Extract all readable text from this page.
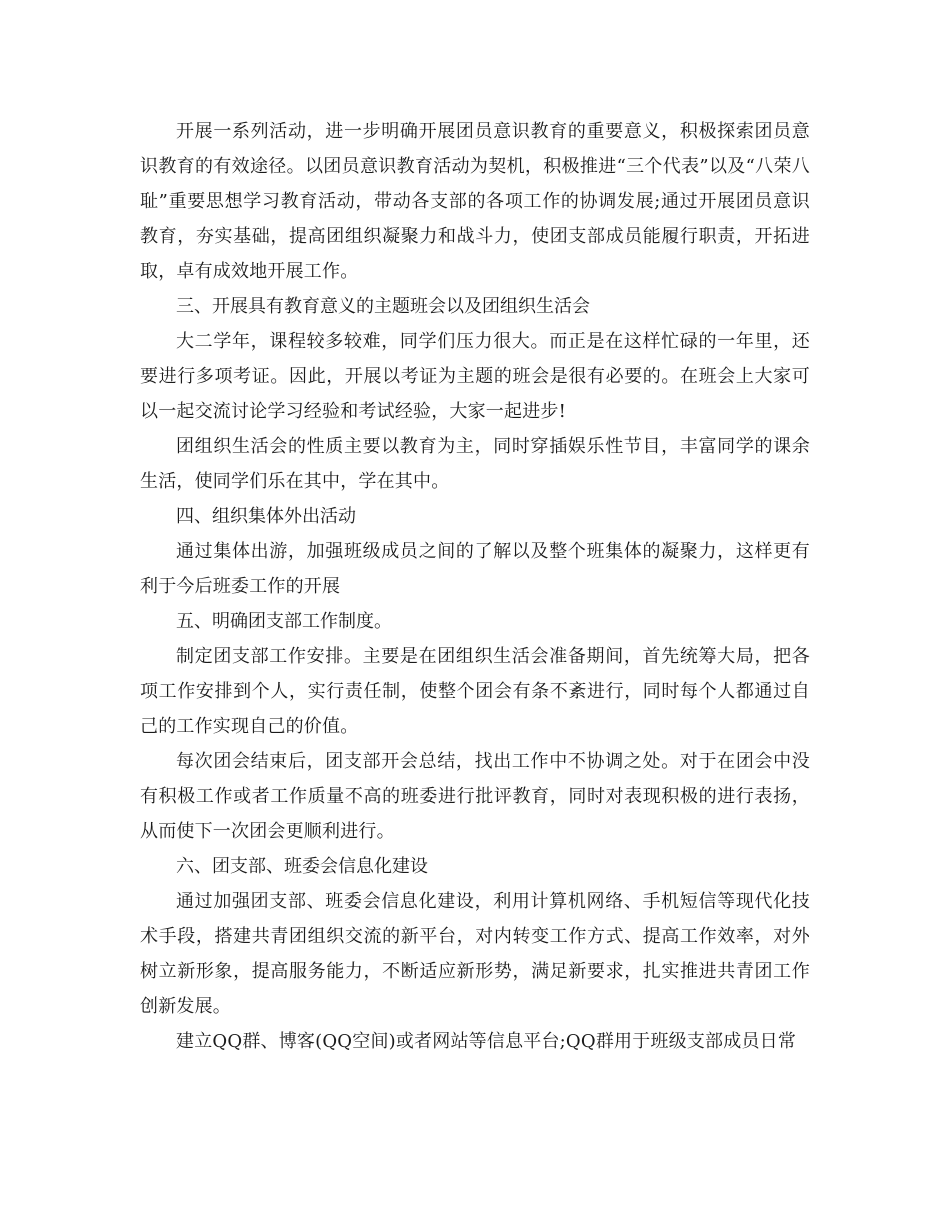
开展一系列活动，进一步明确开展团员意识教育的重要意义，积极探索团员意识教育的有效途径。以团员意识教育活动为契机，积极推进“三个代表”以及“八荣八耻”重要思想学习教育活动，带动各支部的各项工作的协调发展;通过开展团员意识教育，夯实基础，提高团组织凝聚力和战斗力，使团支部成员能履行职责，开拓进取，卓有成效地开展工作。

三、开展具有教育意义的主题班会以及团组织生活会

大二学年，课程较多较难，同学们压力很大。而正是在这样忙碌的一年里，还要进行多项考证。因此，开展以考证为主题的班会是很有必要的。在班会上大家可以一起交流讨论学习经验和考试经验，大家一起进步!

团组织生活会的性质主要以教育为主，同时穿插娱乐性节目，丰富同学的课余生活，使同学们乐在其中，学在其中。

四、组织集体外出活动

通过集体出游，加强班级成员之间的了解以及整个班集体的凝聚力，这样更有利于今后班委工作的开展

五、明确团支部工作制度。

制定团支部工作安排。主要是在团组织生活会准备期间，首先统筹大局，把各项工作安排到个人，实行责任制，使整个团会有条不紊进行，同时每个人都通过自己的工作实现自己的价值。

每次团会结束后，团支部开会总结，找出工作中不协调之处。对于在团会中没有积极工作或者工作质量不高的班委进行批评教育，同时对表现积极的进行表扬，从而使下一次团会更顺利进行。

六、团支部、班委会信息化建设

通过加强团支部、班委会信息化建设，利用计算机网络、手机短信等现代化技术手段，搭建共青团组织交流的新平台，对内转变工作方式、提高工作效率，对外树立新形象，提高服务能力，不断适应新形势，满足新要求，扎实推进共青团工作创新发展。

建立QQ群、博客(QQ空间)或者网站等信息平台;QQ群用于班级支部成员日常
